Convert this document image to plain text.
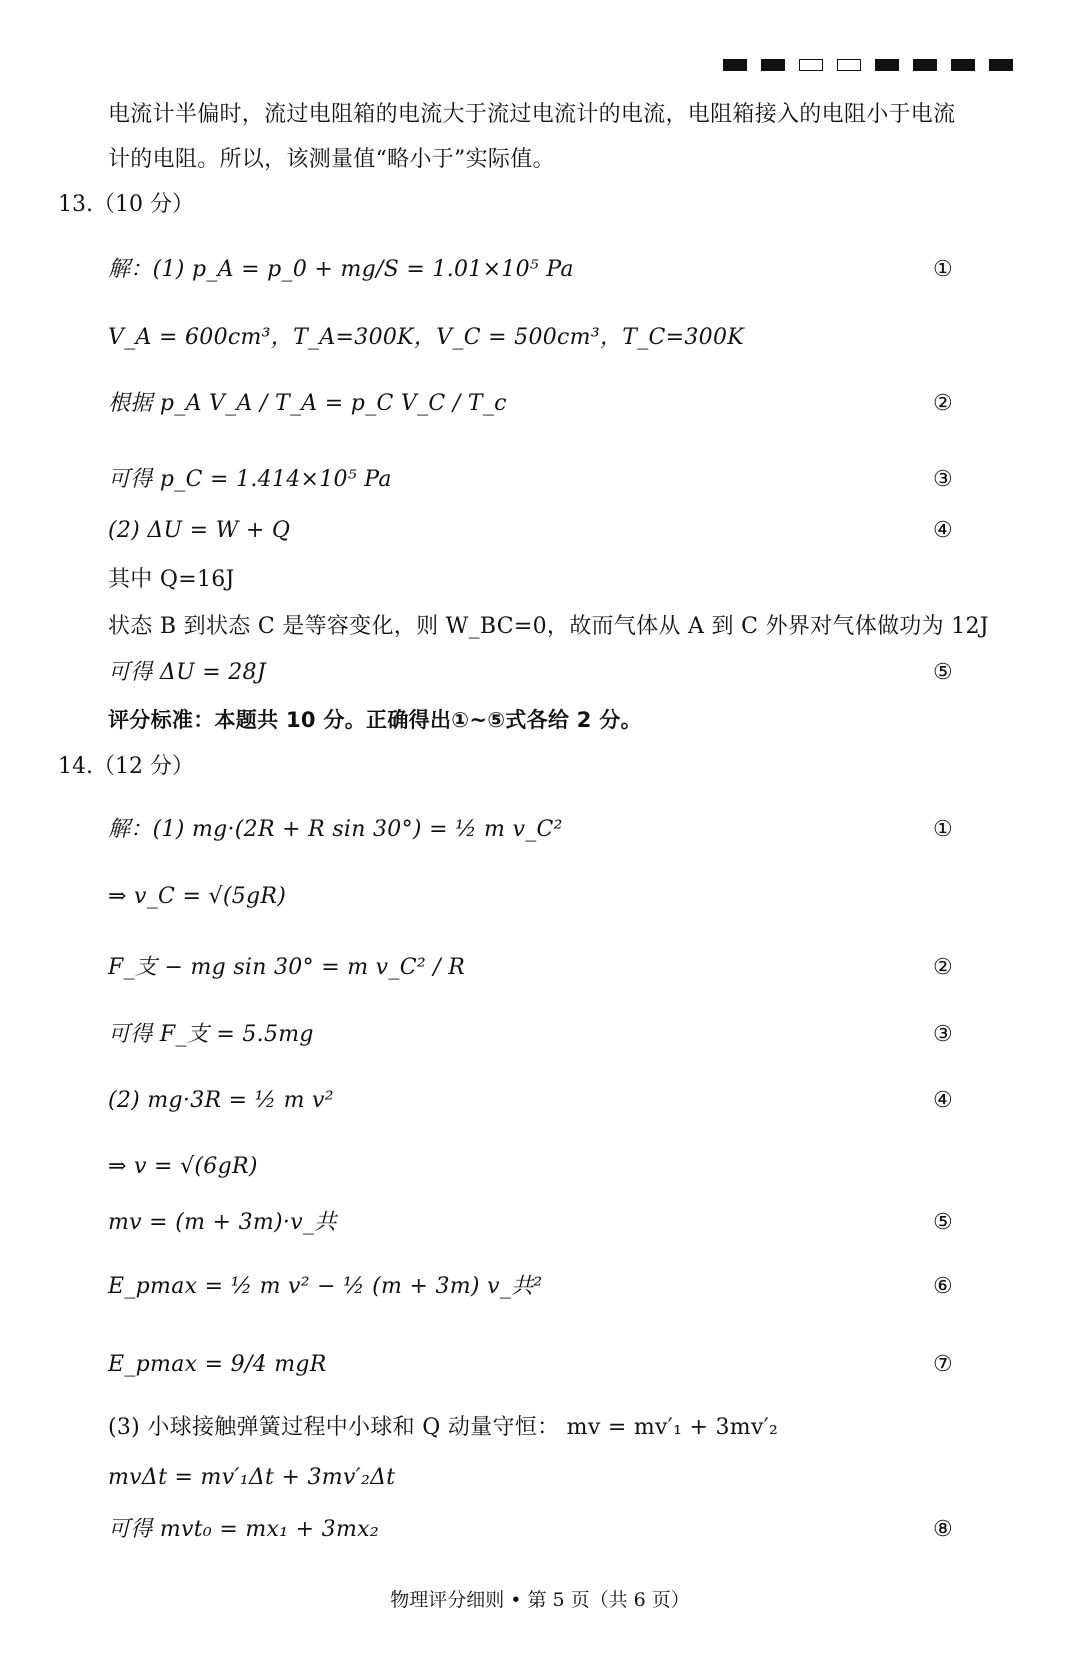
电流计半偏时，流过电阻箱的电流大于流过电流计的电流，电阻箱接入的电阻小于电流
计的电阻。所以，该测量值“略小于”实际值。
13.（10 分）
解：(1) p_A = p_0 + mg/S = 1.01×10⁵ Pa	①
V_A = 600cm³，T_A=300K，V_C = 500cm³，T_C=300K
根据 p_A V_A / T_A = p_C V_C / T_c	②
可得 p_C = 1.414×10⁵ Pa	③
(2) ΔU = W + Q	④
其中 Q=16J
状态 B 到状态 C 是等容变化，则 W_BC=0，故而气体从 A 到 C 外界对气体做功为 12J
可得 ΔU = 28J	⑤
评分标准：本题共 10 分。正确得出①~⑤式各给 2 分。
14.（12 分）
解：(1) mg·(2R + R sin 30°) = ½ m v_C²	①
⇒ v_C = √(5gR)
F_支 − mg sin 30° = m v_C² / R	②
可得 F_支 = 5.5mg	③
(2) mg·3R = ½ m v²	④
⇒ v = √(6gR)
mv = (m + 3m)·v_共	⑤
E_pmax = ½ m v² − ½ (m + 3m) v_共²	⑥
E_pmax = 9/4 mgR	⑦
(3) 小球接触弹簧过程中小球和 Q 动量守恒： mv = mv′₁ + 3mv′₂
mvΔt = mv′₁Δt + 3mv′₂Δt
可得 mvt₀ = mx₁ + 3mx₂	⑧
物理评分细则 • 第 5 页（共 6 页）
